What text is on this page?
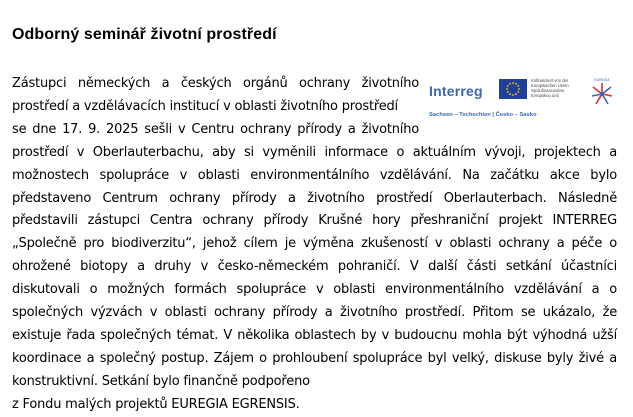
Odborný seminář životní prostředí
Interreg
Kofinanziert von der Europäischen Union Spolufinancováno Evropskou unií
Sachsen – Tschechien | Česko – Sasko
EUREGIA

Zástupci německých a českých orgánů ochrany životního prostředí a vzdělávacích institucí v oblasti životního prostředí

se dne 17. 9. 2025 sešli v Centru ochrany přírody a životního prostředí v Oberlauterbachu, aby si vyměnili informace o aktuálním vývoji, projektech a možnostech spolupráce v oblasti environmentálního vzdělávání. Na začátku akce bylo představeno Centrum ochrany přírody a životního prostředí Oberlauterbach. Následně představili zástupci Centra ochrany přírody Krušné hory přeshraniční projekt INTERREG „Společně pro biodiverzitu“, jehož cílem je výměna zkušeností v oblasti ochrany a péče o ohrožené biotopy a druhy v česko-německém pohraničí. V další části setkání účastníci diskutovali o možných formách spolupráce v oblasti environmentálního vzdělávání a o společných výzvách v oblasti ochrany přírody a životního prostředí. Přitom se ukázalo, že existuje řada společných témat. V několika oblastech by v budoucnu mohla být výhodná užší koordinace a společný postup. Zájem o prohloubení spolupráce byl velký, diskuse byly živé a konstruktivní. Setkání bylo finančně podpořeno

z Fondu malých projektů EUREGIA EGRENSIS.
